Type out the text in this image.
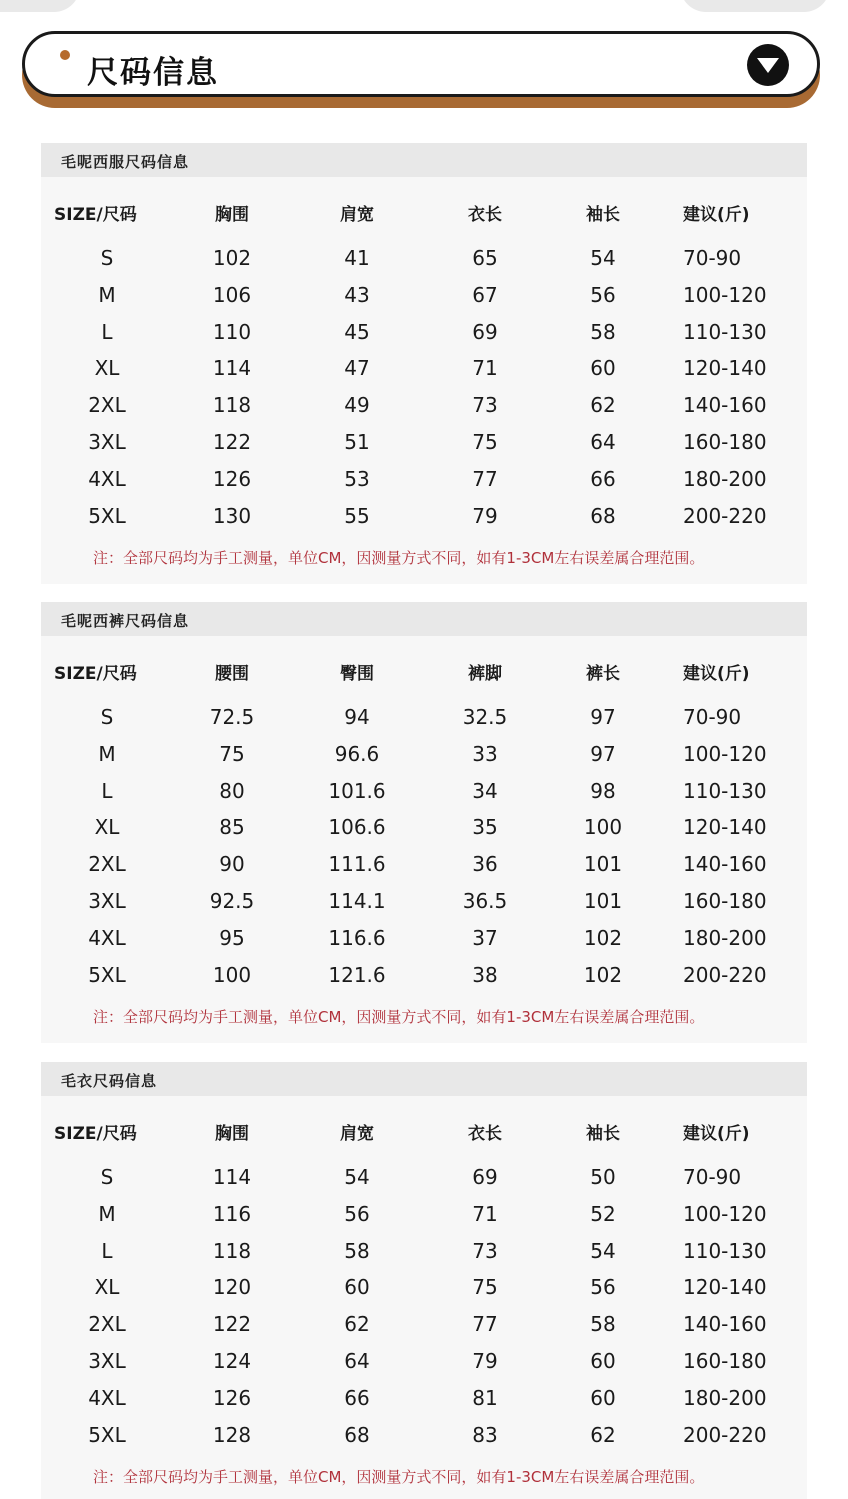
尺码信息
毛呢西服尺码信息
SIZE/尺码	胸围	肩宽	衣长	袖长	建议(斤)
S	102	41	65	54	70-90
M	106	43	67	56	100-120
L	110	45	69	58	110-130
XL	114	47	71	60	120-140
2XL	118	49	73	62	140-160
3XL	122	51	75	64	160-180
4XL	126	53	77	66	180-200
5XL	130	55	79	68	200-220
注：全部尺码均为手工测量，单位CM，因测量方式不同，如有1-3CM左右误差属合理范围。
毛呢西裤尺码信息
SIZE/尺码	腰围	臀围	裤脚	裤长	建议(斤)
S	72.5	94	32.5	97	70-90
M	75	96.6	33	97	100-120
L	80	101.6	34	98	110-130
XL	85	106.6	35	100	120-140
2XL	90	111.6	36	101	140-160
3XL	92.5	114.1	36.5	101	160-180
4XL	95	116.6	37	102	180-200
5XL	100	121.6	38	102	200-220
注：全部尺码均为手工测量，单位CM，因测量方式不同，如有1-3CM左右误差属合理范围。
毛衣尺码信息
SIZE/尺码	胸围	肩宽	衣长	袖长	建议(斤)
S	114	54	69	50	70-90
M	116	56	71	52	100-120
L	118	58	73	54	110-130
XL	120	60	75	56	120-140
2XL	122	62	77	58	140-160
3XL	124	64	79	60	160-180
4XL	126	66	81	60	180-200
5XL	128	68	83	62	200-220
注：全部尺码均为手工测量，单位CM，因测量方式不同，如有1-3CM左右误差属合理范围。
